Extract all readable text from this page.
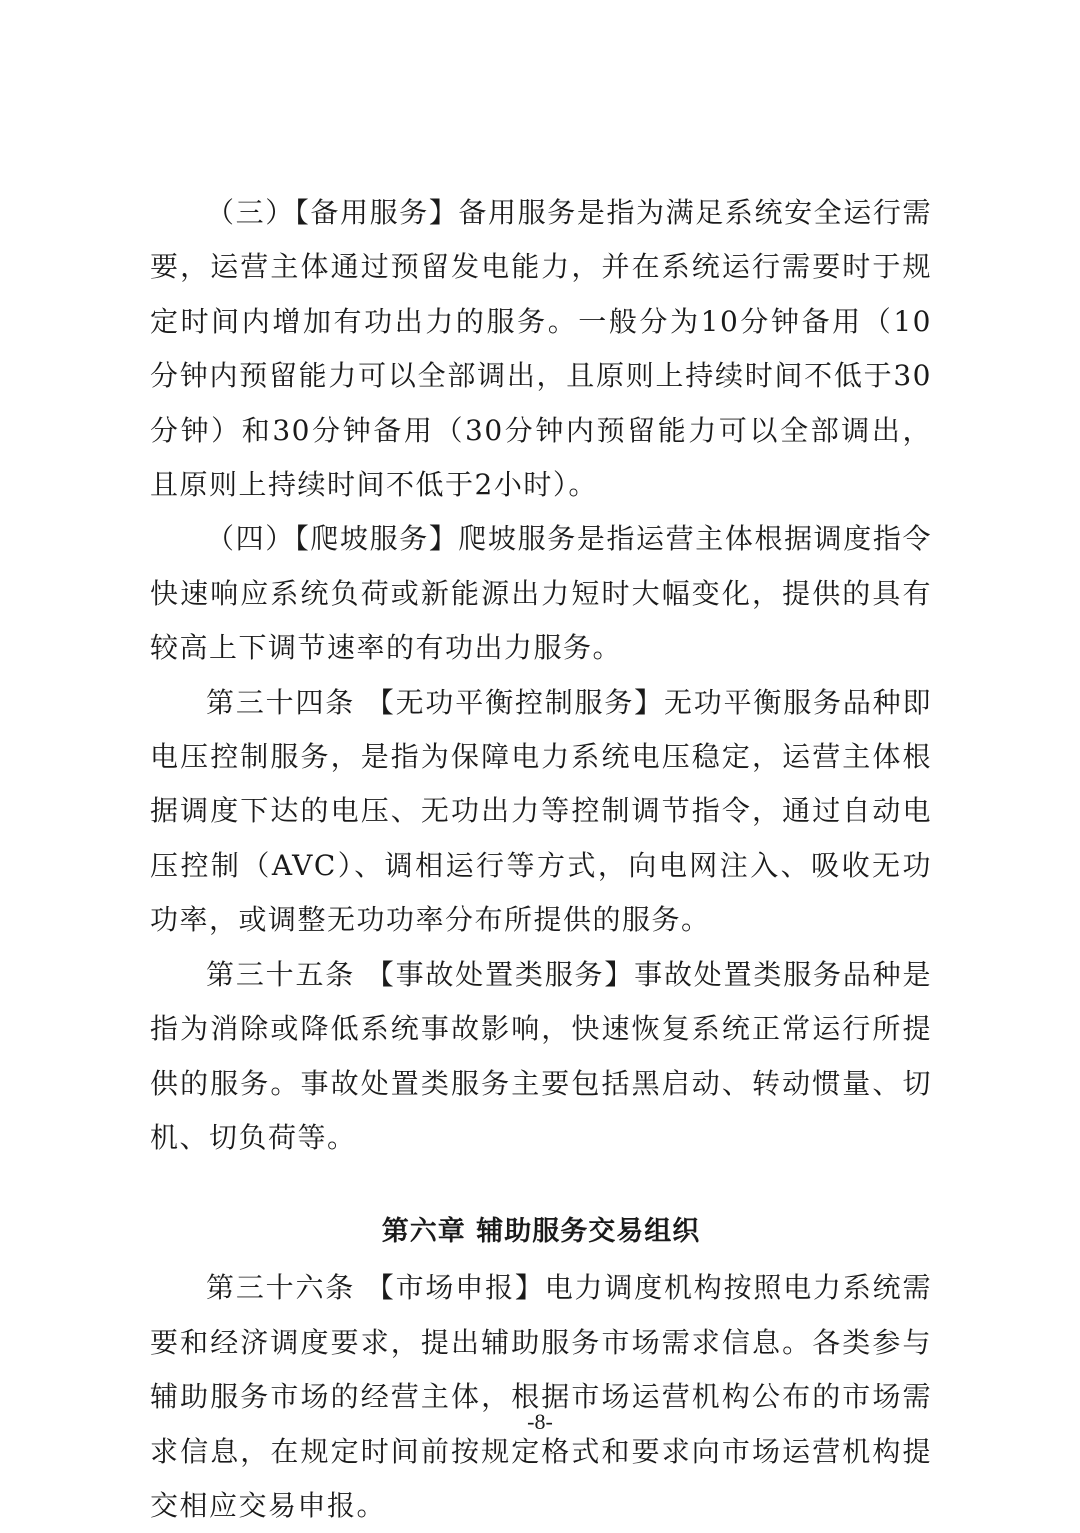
（三）【备用服务】备用服务是指为满足系统安全运行需要，运营主体通过预留发电能力，并在系统运行需要时于规定时间内增加有功出力的服务。一般分为10分钟备用（10分钟内预留能力可以全部调出，且原则上持续时间不低于30分钟）和30分钟备用（30分钟内预留能力可以全部调出，且原则上持续时间不低于2小时）。

（四）【爬坡服务】爬坡服务是指运营主体根据调度指令快速响应系统负荷或新能源出力短时大幅变化，提供的具有较高上下调节速率的有功出力服务。

第三十四条 【无功平衡控制服务】无功平衡服务品种即电压控制服务，是指为保障电力系统电压稳定，运营主体根据调度下达的电压、无功出力等控制调节指令，通过自动电压控制（AVC）、调相运行等方式，向电网注入、吸收无功功率，或调整无功功率分布所提供的服务。

第三十五条 【事故处置类服务】事故处置类服务品种是指为消除或降低系统事故影响，快速恢复系统正常运行所提供的服务。事故处置类服务主要包括黑启动、转动惯量、切机、切负荷等。

第六章 辅助服务交易组织

第三十六条 【市场申报】电力调度机构按照电力系统需要和经济调度要求，提出辅助服务市场需求信息。各类参与辅助服务市场的经营主体，根据市场运营机构公布的市场需求信息，在规定时间前按规定格式和要求向市场运营机构提交相应交易申报。

-8-
